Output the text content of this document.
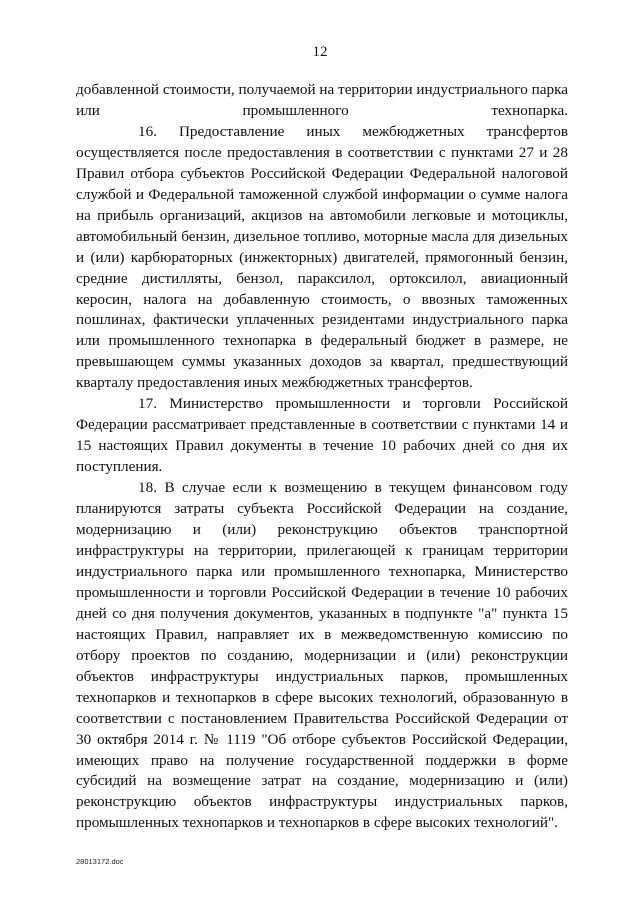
12

добавленной стоимости, получаемой на территории индустриального парка или промышленного технопарка.

16. Предоставление иных межбюджетных трансфертов осуществляется после предоставления в соответствии с пунктами 27 и 28 Правил отбора субъектов Российской Федерации Федеральной налоговой службой и Федеральной таможенной службой информации о сумме налога на прибыль организаций, акцизов на автомобили легковые и мотоциклы, автомобильный бензин, дизельное топливо, моторные масла для дизельных и (или) карбюраторных (инжекторных) двигателей, прямогонный бензин, средние дистилляты, бензол, параксилол, ортоксилол, авиационный керосин, налога на добавленную стоимость, о ввозных таможенных пошлинах, фактически уплаченных резидентами индустриального парка или промышленного технопарка в федеральный бюджет в размере, не превышающем суммы указанных доходов за квартал, предшествующий кварталу предоставления иных межбюджетных трансфертов.

17. Министерство промышленности и торговли Российской Федерации рассматривает представленные в соответствии с пунктами 14 и 15 настоящих Правил документы в течение 10 рабочих дней со дня их поступления.

18. В случае если к возмещению в текущем финансовом году планируются затраты субъекта Российской Федерации на создание, модернизацию и (или) реконструкцию объектов транспортной инфраструктуры на территории, прилегающей к границам территории индустриального парка или промышленного технопарка, Министерство промышленности и торговли Российской Федерации в течение 10 рабочих дней со дня получения документов, указанных в подпункте "а" пункта 15 настоящих Правил, направляет их в межведомственную комиссию по отбору проектов по созданию, модернизации и (или) реконструкции объектов инфраструктуры индустриальных парков, промышленных технопарков и технопарков в сфере высоких технологий, образованную в соответствии с постановлением Правительства Российской Федерации от 30 октября 2014 г. № 1119 "Об отборе субъектов Российской Федерации, имеющих право на получение государственной поддержки в форме субсидий на возмещение затрат на создание, модернизацию и (или) реконструкцию объектов инфраструктуры индустриальных парков, промышленных технопарков и технопарков в сфере высоких технологий".

28013172.doc
